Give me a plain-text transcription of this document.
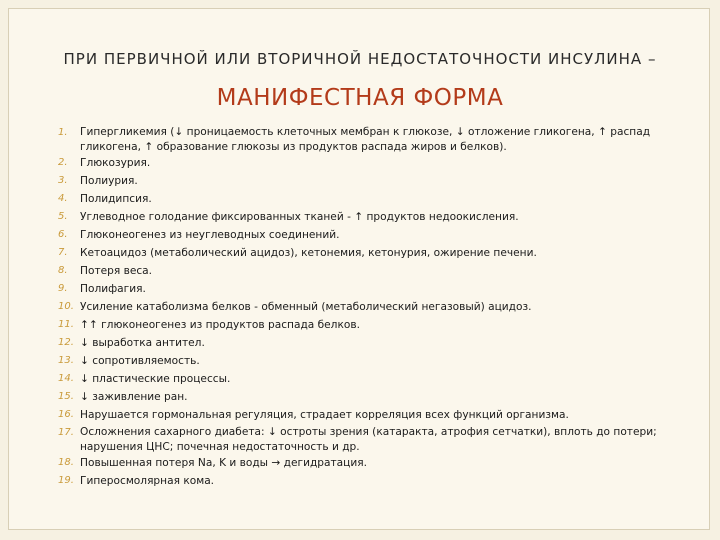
ПРИ ПЕРВИЧНОЙ ИЛИ ВТОРИЧНОЙ НЕДОСТАТОЧНОСТИ ИНСУЛИНА –
МАНИФЕСТНАЯ ФОРМА
1.	Гипергликемия (↓ проницаемость клеточных мембран к глюкозе, ↓ отложение гликогена, ↑ распад гликогена, ↑ образование глюкозы из продуктов распада жиров и белков).
2.	Глюкозурия.
3.	Полиурия.
4.	Полидипсия.
5.	Углеводное голодание фиксированных тканей - ↑ продуктов недоокисления.
6.	Глюконеогенез из неуглеводных соединений.
7.	Кетоацидоз (метаболический ацидоз), кетонемия, кетонурия, ожирение печени.
8.	Потеря веса.
9.	Полифагия.
10. Усиление катаболизма белков - обменный (метаболический негазовый) ацидоз.
11. ↑↑ глюконеогенез из продуктов распада белков.
12. ↓ выработка антител.
13. ↓ сопротивляемость.
14. ↓ пластические процессы.
15. ↓ заживление ран.
16. Нарушается гормональная регуляция, страдает корреляция всех функций организма.
17. Осложнения сахарного диабета: ↓ остроты зрения (катаракта, атрофия сетчатки), вплоть до потери; нарушения ЦНС; почечная недостаточность и др.
18. Повышенная потеря Na, K и воды → дегидратация.
19. Гиперосмолярная кома.
